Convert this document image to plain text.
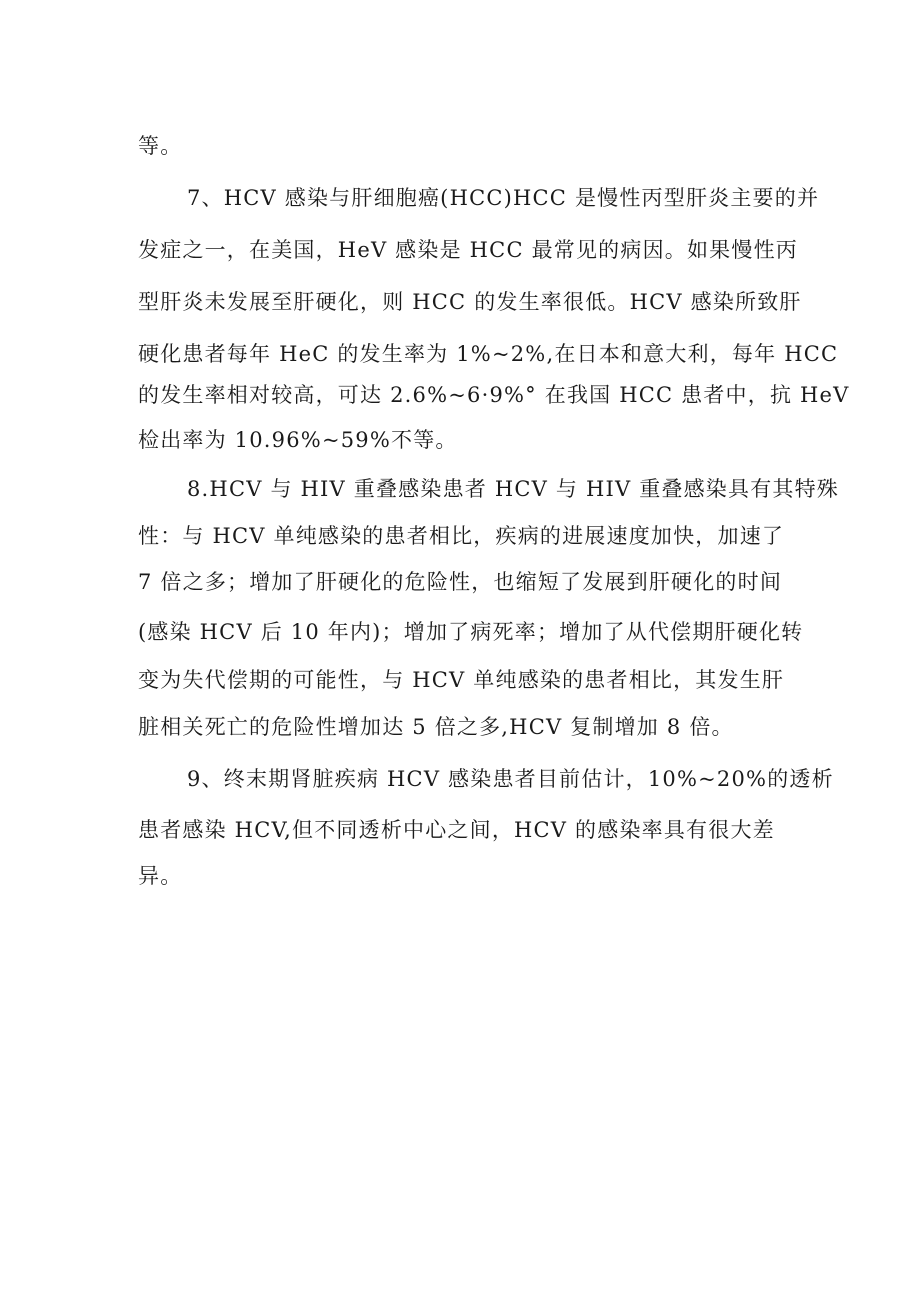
等。
7、HCV 感染与肝细胞癌(HCC)HCC 是慢性丙型肝炎主要的并
发症之一，在美国，HeV 感染是 HCC 最常见的病因。如果慢性丙
型肝炎未发展至肝硬化，则 HCC 的发生率很低。HCV 感染所致肝
硬化患者每年 HeC 的发生率为 1%~2%,在日本和意大利，每年 HCC
的发生率相对较高，可达 2.6%~6·9%° 在我国 HCC 患者中，抗 HeV
检出率为 10.96%~59%不等。
8.HCV 与 HIV 重叠感染患者 HCV 与 HIV 重叠感染具有其特殊
性：与 HCV 单纯感染的患者相比，疾病的进展速度加快，加速了
7 倍之多；增加了肝硬化的危险性，也缩短了发展到肝硬化的时间
(感染 HCV 后 10 年内)；增加了病死率；增加了从代偿期肝硬化转
变为失代偿期的可能性，与 HCV 单纯感染的患者相比，其发生肝
脏相关死亡的危险性增加达 5 倍之多,HCV 复制增加 8 倍。
9、终末期肾脏疾病 HCV 感染患者目前估计，10%~20%的透析
患者感染 HCV,但不同透析中心之间，HCV 的感染率具有很大差
异。
